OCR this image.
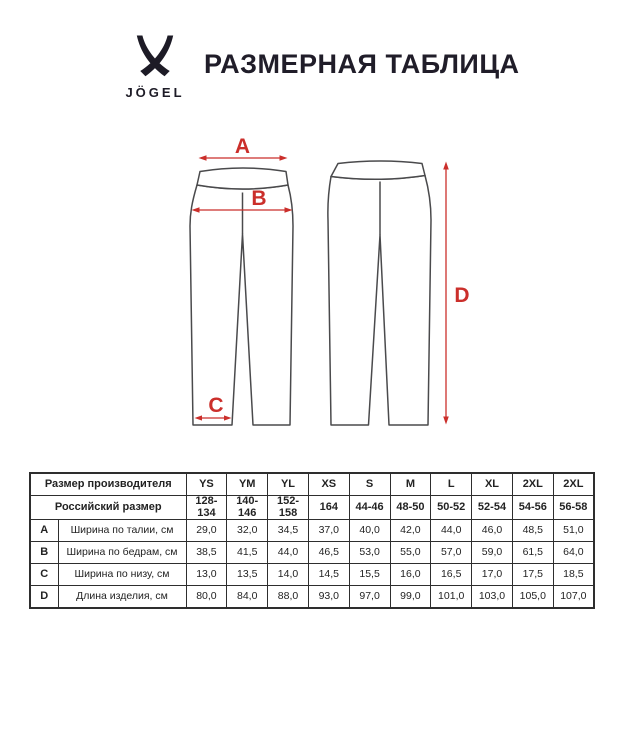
JÖGEL
РАЗМЕРНАЯ ТАБЛИЦА
A
B
C
D
Размер производителя		YS	YM	YL	XS	S	M	L	XL	2XL	2XL
Российский размер		128-134	140-146	152-158	164	44-46	48-50	50-52	52-54	54-56	56-58
A	Ширина по талии, см	29,0	32,0	34,5	37,0	40,0	42,0	44,0	46,0	48,5	51,0
B	Ширина по бедрам, см	38,5	41,5	44,0	46,5	53,0	55,0	57,0	59,0	61,5	64,0
C	Ширина по низу, см	13,0	13,5	14,0	14,5	15,5	16,0	16,5	17,0	17,5	18,5
D	Длина изделия, см	80,0	84,0	88,0	93,0	97,0	99,0	101,0	103,0	105,0	107,0
